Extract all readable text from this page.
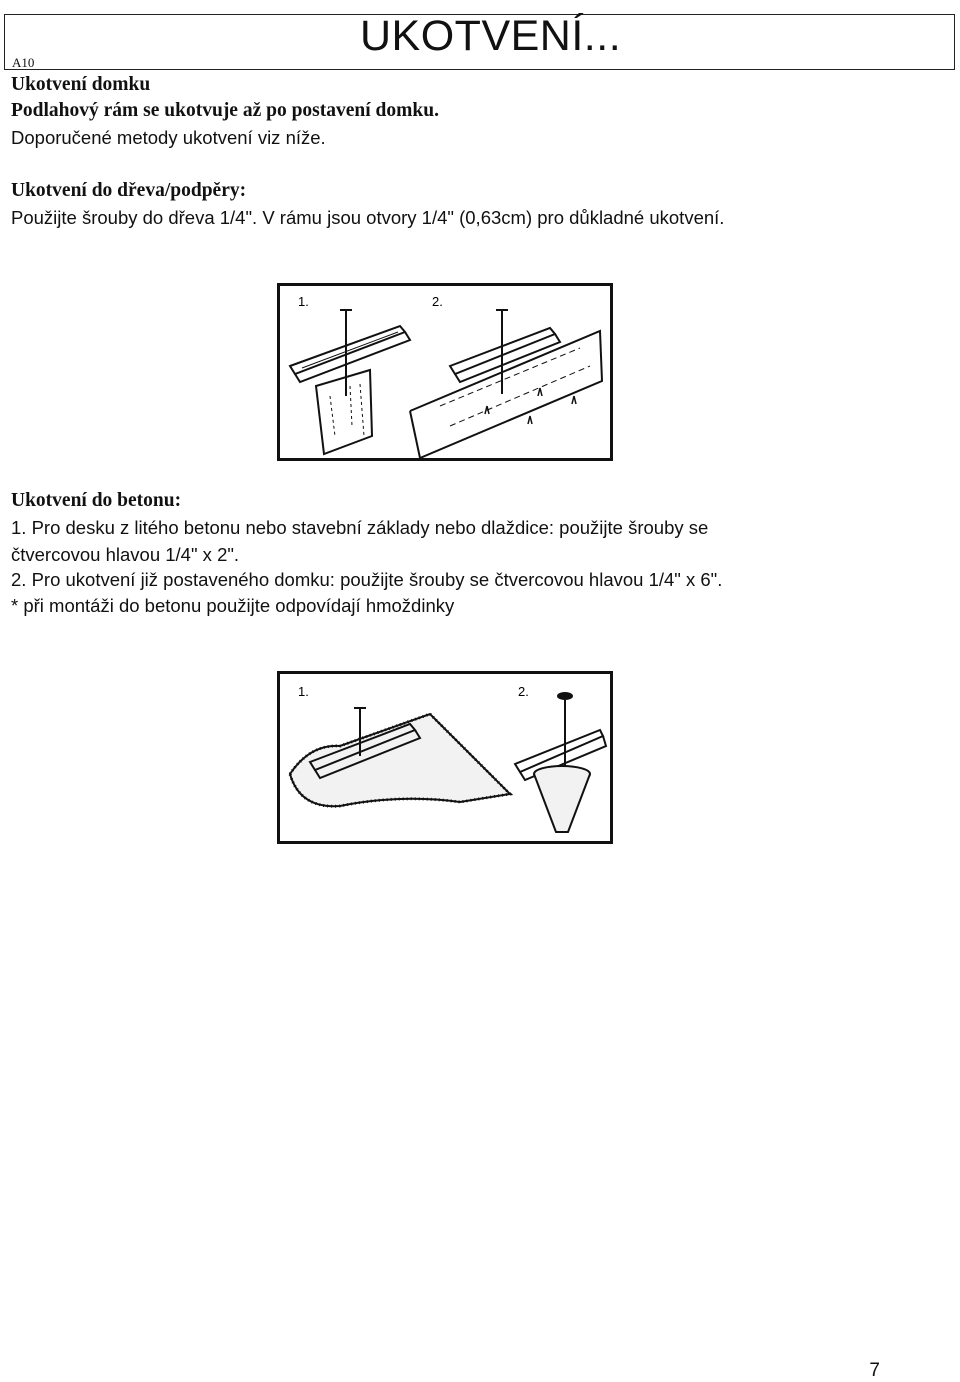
A10
UKOTVENÍ...
Ukotvení domku
Podlahový rám se ukotvuje až po postavení domku.
Doporučené metody ukotvení viz níže.
Ukotvení do dřeva/podpěry:
Použijte šrouby do dřeva 1/4". V rámu jsou otvory 1/4" (0,63cm) pro důkladné ukotvení.
1.	2.
Ukotvení do betonu:
1. Pro desku z litého betonu nebo stavební základy nebo dlaždice: použijte šrouby se
čtvercovou hlavou 1/4" x 2".
2. Pro ukotvení již postaveného domku: použijte šrouby se čtvercovou hlavou 1/4" x 6".
* při montáži do betonu použijte odpovídají hmoždinky
1.	2.
7
